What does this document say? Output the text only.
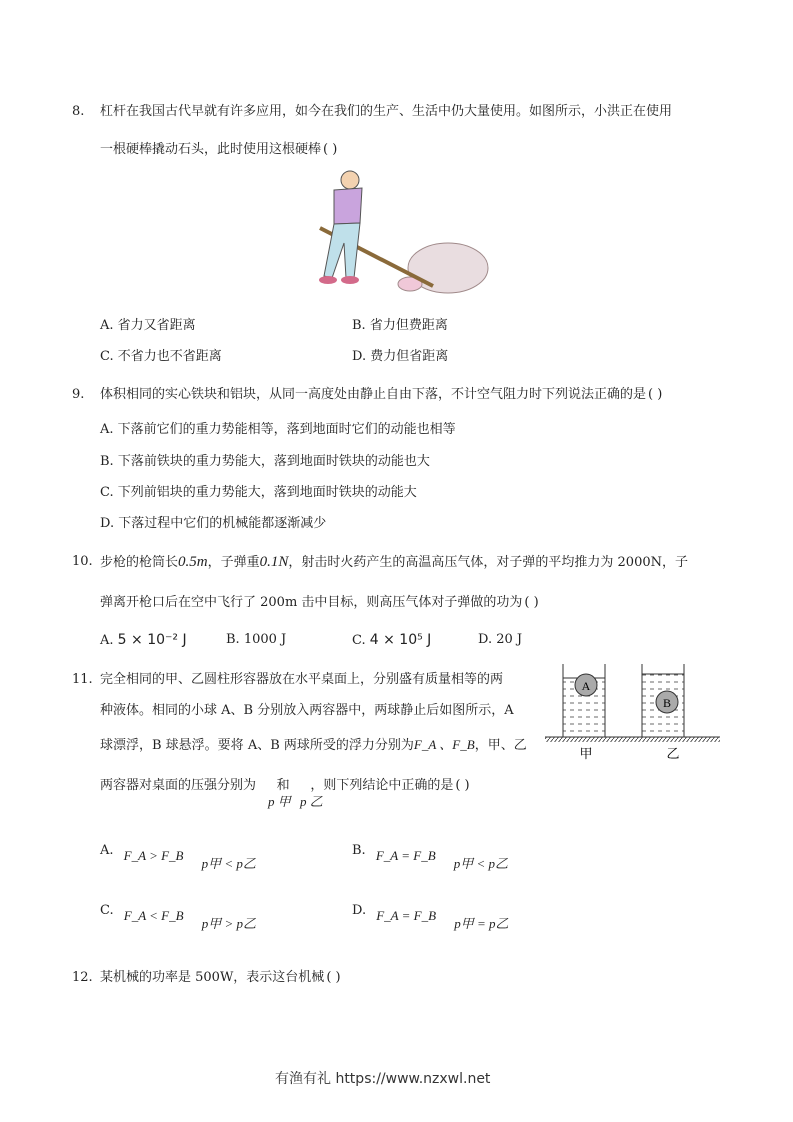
8. 杠杆在我国古代早就有许多应用，如今在我们的生产、生活中仍大量使用。如图所示，小洪正在使用
一根硬棒撬动石头，此时使用这根硬棒 ( )
A. 省力又省距离	B. 省力但费距离
C. 不省力也不省距离	D. 费力但省距离
9. 体积相同的实心铁块和铝块，从同一高度处由静止自由下落，不计空气阻力时下列说法正确的是 ( )
A. 下落前它们的重力势能相等，落到地面时它们的动能也相等
B. 下落前铁块的重力势能大，落到地面时铁块的动能也大
C. 下列前铝块的重力势能大，落到地面时铁块的动能大
D. 下落过程中它们的机械能都逐渐减少
10. 步枪的枪筒长0.5m，子弹重0.1N，射击时火药产生的高温高压气体，对子弹的平均推力为 2000N，子
弹离开枪口后在空中飞行了 200m 击中目标，则高压气体对子弹做的功为 ( )
A. 5 × 10⁻² J	B. 1000 J	C. 4 × 10⁵ J	D. 20 J
11. 完全相同的甲、乙圆柱形容器放在水平桌面上，分别盛有质量相等的两
种液体。相同的小球 A、B 分别放入两容器中，两球静止后如图所示，A
球漂浮，B 球悬浮。要将 A、B 两球所受的浮力分别为F_A 、F_B，甲、乙
两容器对桌面的压强分别为     和     ，则下列结论中正确的是 ( )
p 甲 p 乙
A
B
甲	乙
A. F_A > F_B p甲 < p乙
B. F_A = F_B p甲 < p乙
C. F_A < F_B p甲 > p乙
D. F_A = F_B p甲 = p乙
12. 某机械的功率是 500W，表示这台机械 ( )
有渔有礼 https://www.nzxwl.net
